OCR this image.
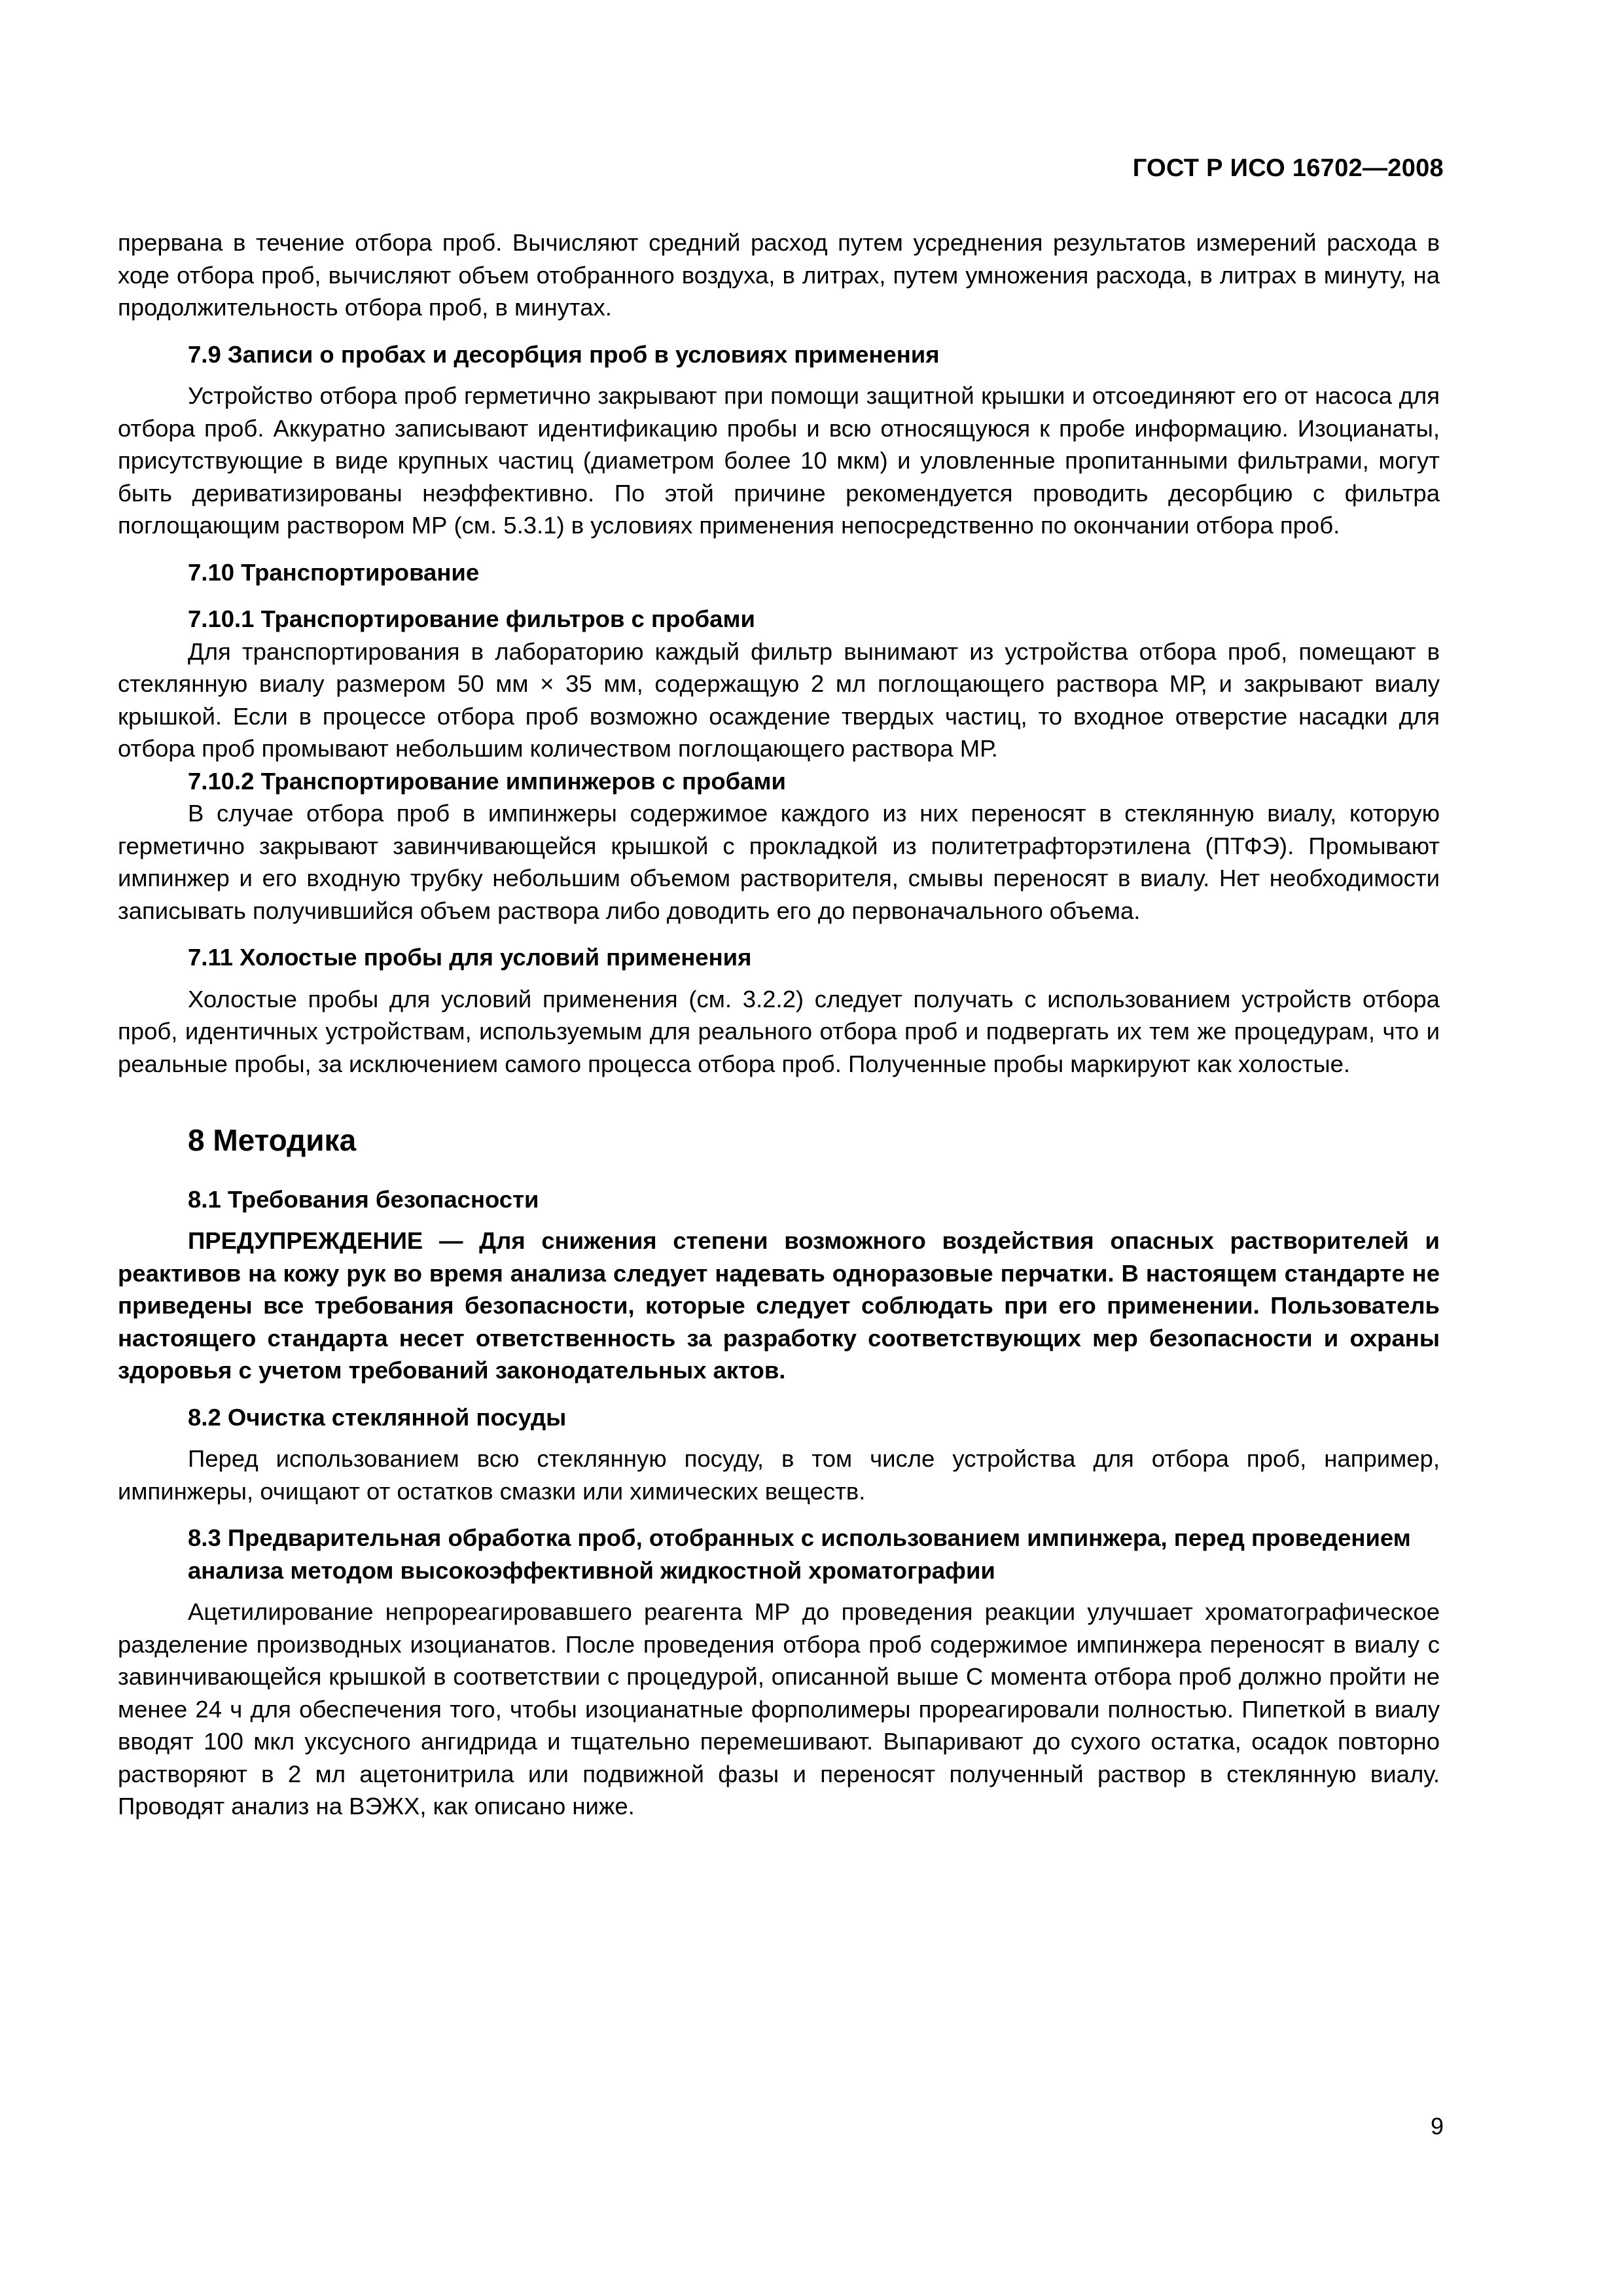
ГОСТ Р ИСО 16702—2008

прервана в течение отбора проб. Вычисляют средний расход путем усреднения результатов измерений расхода в ходе отбора проб, вычисляют объем отобранного воздуха, в литрах, путем умножения расхода, в литрах в минуту, на продолжительность отбора проб, в минутах.

7.9 Записи о пробах и десорбция проб в условиях применения

Устройство отбора проб герметично закрывают при помощи защитной крышки и отсоединяют его от насоса для отбора проб. Аккуратно записывают идентификацию пробы и всю относящуюся к пробе информацию. Изоцианаты, присутствующие в виде крупных частиц (диаметром более 10 мкм) и уловленные пропитанными фильтрами, могут быть дериватизированы неэффективно. По этой причине рекомендуется проводить десорбцию с фильтра поглощающим раствором МР (см. 5.3.1) в условиях применения непосредственно по окончании отбора проб.

7.10 Транспортирование
7.10.1 Транспортирование фильтров с пробами

Для транспортирования в лабораторию каждый фильтр вынимают из устройства отбора проб, помещают в стеклянную виалу размером 50 мм × 35 мм, содержащую 2 мл поглощающего раствора МР, и закрывают виалу крышкой. Если в процессе отбора проб возможно осаждение твердых частиц, то входное отверстие насадки для отбора проб промывают небольшим количеством поглощающего раствора МР.

7.10.2 Транспортирование импинжеров с пробами

В случае отбора проб в импинжеры содержимое каждого из них переносят в стеклянную виалу, которую герметично закрывают завинчивающейся крышкой с прокладкой из политетрафторэтилена (ПТФЭ). Промывают импинжер и его входную трубку небольшим объемом растворителя, смывы переносят в виалу. Нет необходимости записывать получившийся объем раствора либо доводить его до первоначального объема.

7.11 Холостые пробы для условий применения

Холостые пробы для условий применения (см. 3.2.2) следует получать с использованием устройств отбора проб, идентичных устройствам, используемым для реального отбора проб и подвергать их тем же процедурам, что и реальные пробы, за исключением самого процесса отбора проб. Полученные пробы маркируют как холостые.

8 Методика
8.1 Требования безопасности

ПРЕДУПРЕЖДЕНИЕ — Для снижения степени возможного воздействия опасных растворителей и реактивов на кожу рук во время анализа следует надевать одноразовые перчатки. В настоящем стандарте не приведены все требования безопасности, которые следует соблюдать при его применении. Пользователь настоящего стандарта несет ответственность за разработку соответствующих мер безопасности и охраны здоровья с учетом требований законодательных актов.

8.2 Очистка стеклянной посуды

Перед использованием всю стеклянную посуду, в том числе устройства для отбора проб, например, импинжеры, очищают от остатков смазки или химических веществ.

8.3 Предварительная обработка проб, отобранных с использованием импинжера, перед проведением анализа методом высокоэффективной жидкостной хроматографии

Ацетилирование непрореагировавшего реагента МР до проведения реакции улучшает хроматографическое разделение производных изоцианатов. После проведения отбора проб содержимое импинжера переносят в виалу с завинчивающейся крышкой в соответствии с процедурой, описанной выше С момента отбора проб должно пройти не менее 24 ч для обеспечения того, чтобы изоцианатные форполимеры прореагировали полностью. Пипеткой в виалу вводят 100 мкл уксусного ангидрида и тщательно перемешивают. Выпаривают до сухого остатка, осадок повторно растворяют в 2 мл ацетонитрила или подвижной фазы и переносят полученный раствор в стеклянную виалу. Проводят анализ на ВЭЖХ, как описано ниже.

9
